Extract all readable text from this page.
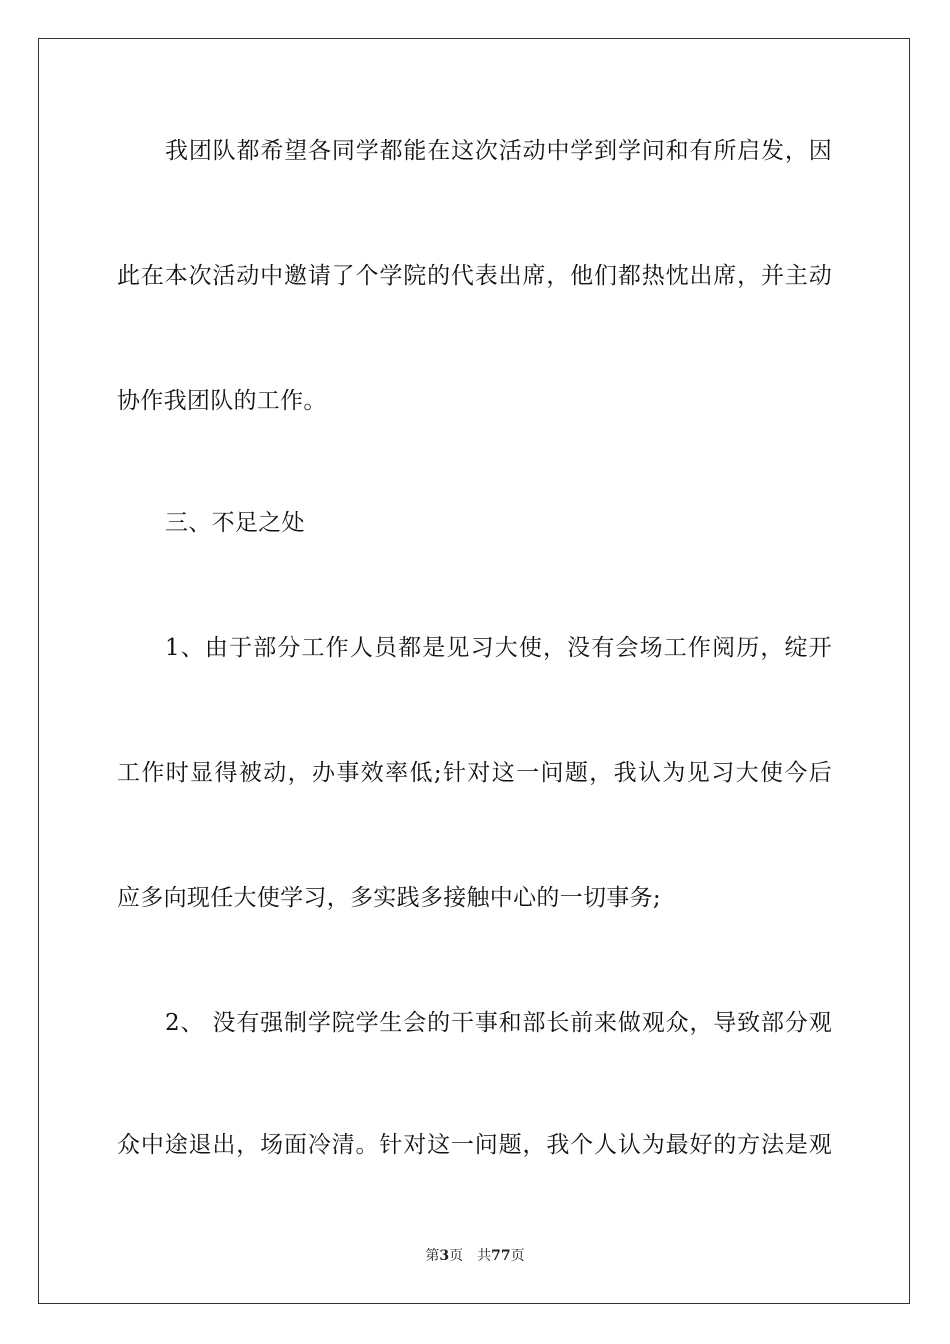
我团队都希望各同学都能在这次活动中学到学问和有所启发，因
此在本次活动中邀请了个学院的代表出席，他们都热忱出席，并主动
协作我团队的工作。
三、不足之处
1、由于部分工作人员都是见习大使，没有会场工作阅历，绽开
工作时显得被动，办事效率低;针对这一问题，我认为见习大使今后
应多向现任大使学习，多实践多接触中心的一切事务;
2、 没有强制学院学生会的干事和部长前来做观众，导致部分观
众中途退出，场面冷清。针对这一问题，我个人认为最好的方法是观
第3页 共77页
